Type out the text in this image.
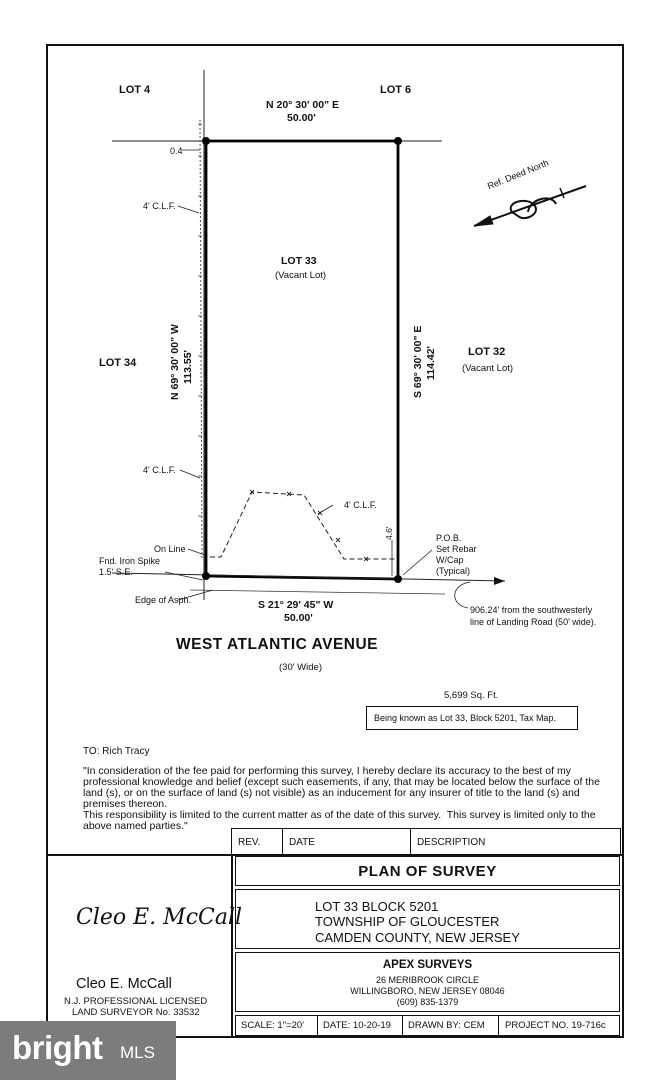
LOT 4	LOT 6
N 20° 30' 00" E
50.00'
0.4
4' C.L.F.
Ref. Deed North
LOT 33
(Vacant Lot)
LOT 34
LOT 32
(Vacant Lot)
N 69° 30' 00" W 113.55'	S 69° 30' 00" E 114.42'
4' C.L.F.
4' C.L.F.
4.6'
On Line
Fnd. Iron Spike
1.5' S.E.
Edge of Asph.
P.O.B.
Set Rebar
W/Cap
(Typical)
S 21° 29' 45" W
50.00'
906.24' from the southwesterly
line of Landing Road (50' wide).
WEST ATLANTIC AVENUE
(30' Wide)
5,699 Sq. Ft.
Being known as Lot 33, Block 5201, Tax Map.
TO: Rich Tracy
"In consideration of the fee paid for performing this survey, I hereby declare its accuracy to the best of my professional knowledge and belief (except such easements, if any, that may be located below the surface of the land (s), or on the surface of land (s) not visible) as an inducement for any insurer of title to the land (s) and premises thereon.
This responsibility is limited to the current matter as of the date of this survey.  This survey is limited only to the above named parties."
REV.	DATE	DESCRIPTION
PLAN OF SURVEY
LOT 33 BLOCK 5201
TOWNSHIP OF GLOUCESTER
CAMDEN COUNTY, NEW JERSEY
APEX SURVEYS
26 MERIBROOK CIRCLE
WILLINGBORO, NEW JERSEY 08046
(609) 835-1379
SCALE: 1"=20' DATE: 10-20-19 DRAWN BY: CEM PROJECT NO. 19-716c
Cleo E. McCall
Cleo E. McCall
N.J. PROFESSIONAL LICENSED
LAND SURVEYOR No. 33532
bright MLS
